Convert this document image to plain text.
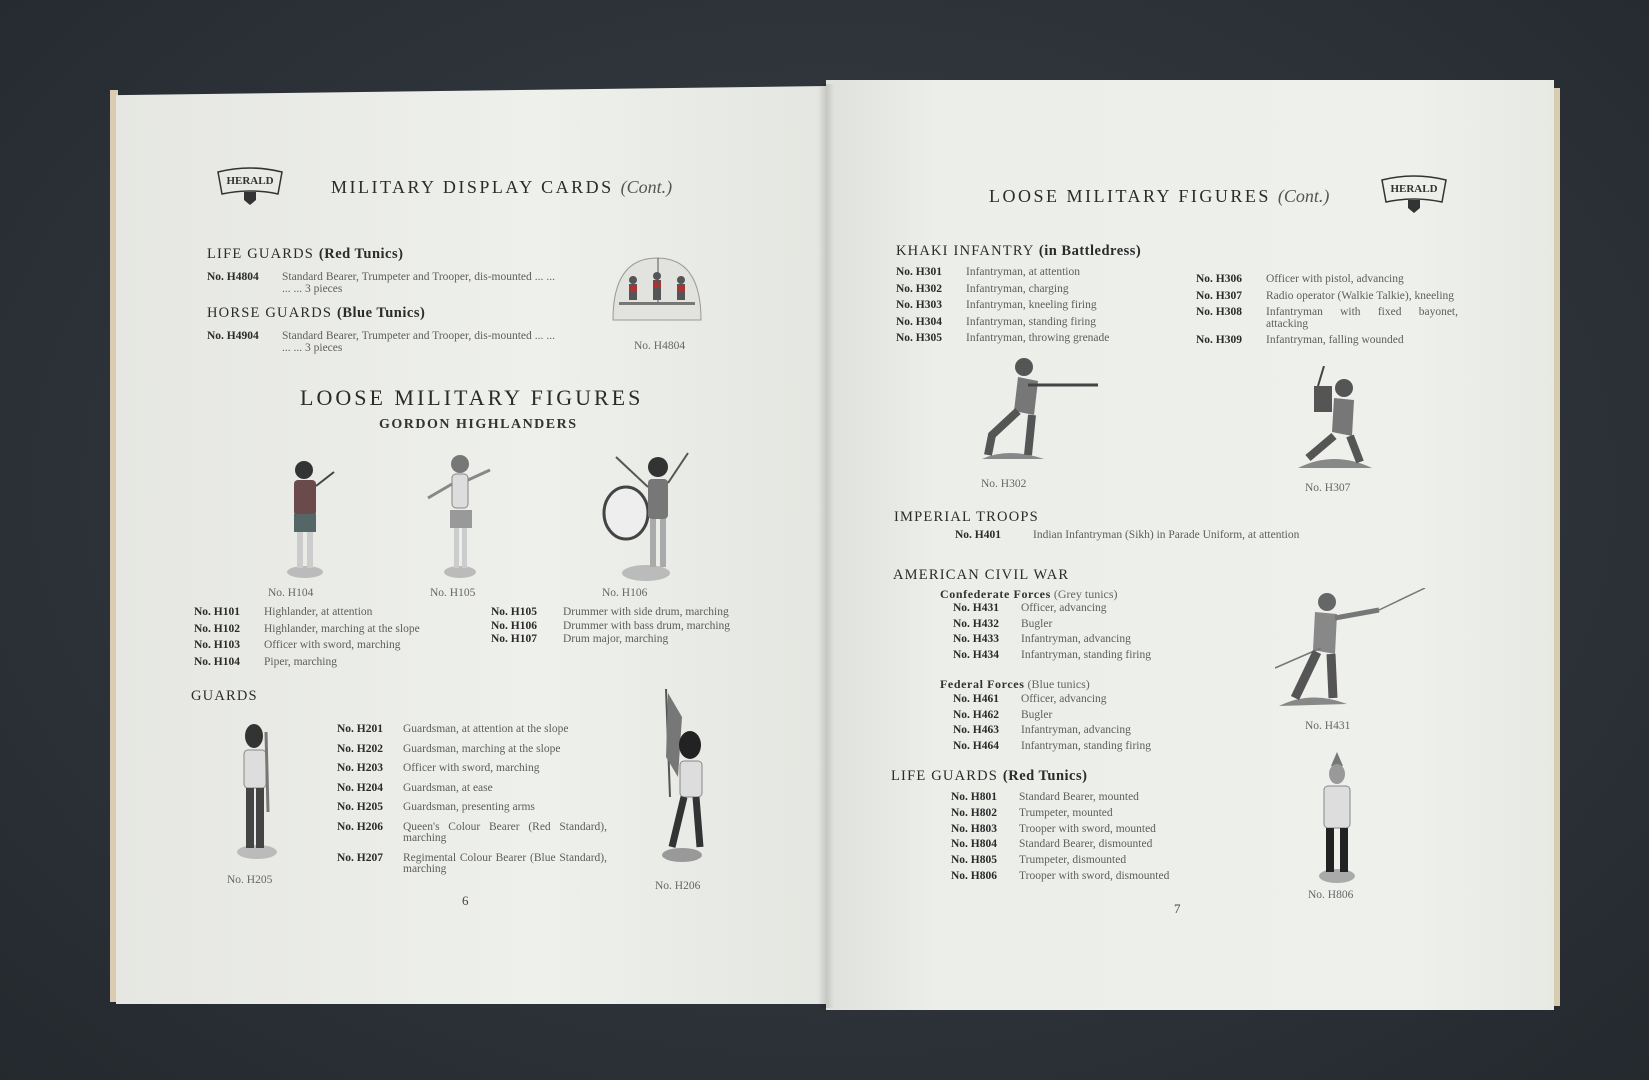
HERALD	MILITARY DISPLAY CARDS (Cont.)
LIFE GUARDS (Red Tunics)
No. H4804	Standard Bearer, Trumpeter and Trooper, dis-mounted ... ... ... ... 3 pieces
HORSE GUARDS (Blue Tunics)
No. H4904	Standard Bearer, Trumpeter and Trooper, dis-mounted ... ... ... ... 3 pieces	No. H4804
LOOSE MILITARY FIGURES
GORDON HIGHLANDERS
No. H104	No. H105	No. H106
No. H101	Highlander, at attention
No. H102	Highlander, marching at the slope
No. H103	Officer with sword, marching
No. H104	Piper, marching
No. H105	Drummer with side drum, marching
No. H106	Drummer with bass drum, marching
No. H107	Drum major, marching
GUARDS
No. H205
No. H201	Guardsman, at attention at the slope
No. H202	Guardsman, marching at the slope
No. H203	Officer with sword, marching
No. H204	Guardsman, at ease
No. H205	Guardsman, presenting arms
No. H206	Queen's Colour Bearer (Red Standard), marching
No. H207	Regimental Colour Bearer (Blue Standard), marching
No. H206
6
LOOSE MILITARY FIGURES (Cont.)	HERALD
KHAKI INFANTRY (in Battledress)
No. H301	Infantryman, at attention
No. H302	Infantryman, charging
No. H303	Infantryman, kneeling firing
No. H304	Infantryman, standing firing
No. H305	Infantryman, throwing grenade
No. H306	Officer with pistol, advancing
No. H307	Radio operator (Walkie Talkie), kneeling
No. H308	Infantryman with fixed bayonet, attacking
No. H309	Infantryman, falling wounded
No. H302	No. H307
IMPERIAL TROOPS
No. H401	Indian Infantryman (Sikh) in Parade Uniform, at attention
AMERICAN CIVIL WAR
Confederate Forces (Grey tunics)
No. H431	Officer, advancing
No. H432	Bugler
No. H433	Infantryman, advancing
No. H434	Infantryman, standing firing
Federal Forces (Blue tunics)
No. H461	Officer, advancing
No. H462	Bugler
No. H463	Infantryman, advancing
No. H464	Infantryman, standing firing
No. H431
LIFE GUARDS (Red Tunics)
No. H801	Standard Bearer, mounted
No. H802	Trumpeter, mounted
No. H803	Trooper with sword, mounted
No. H804	Standard Bearer, dismounted
No. H805	Trumpeter, dismounted
No. H806	Trooper with sword, dismounted
No. H806
7
